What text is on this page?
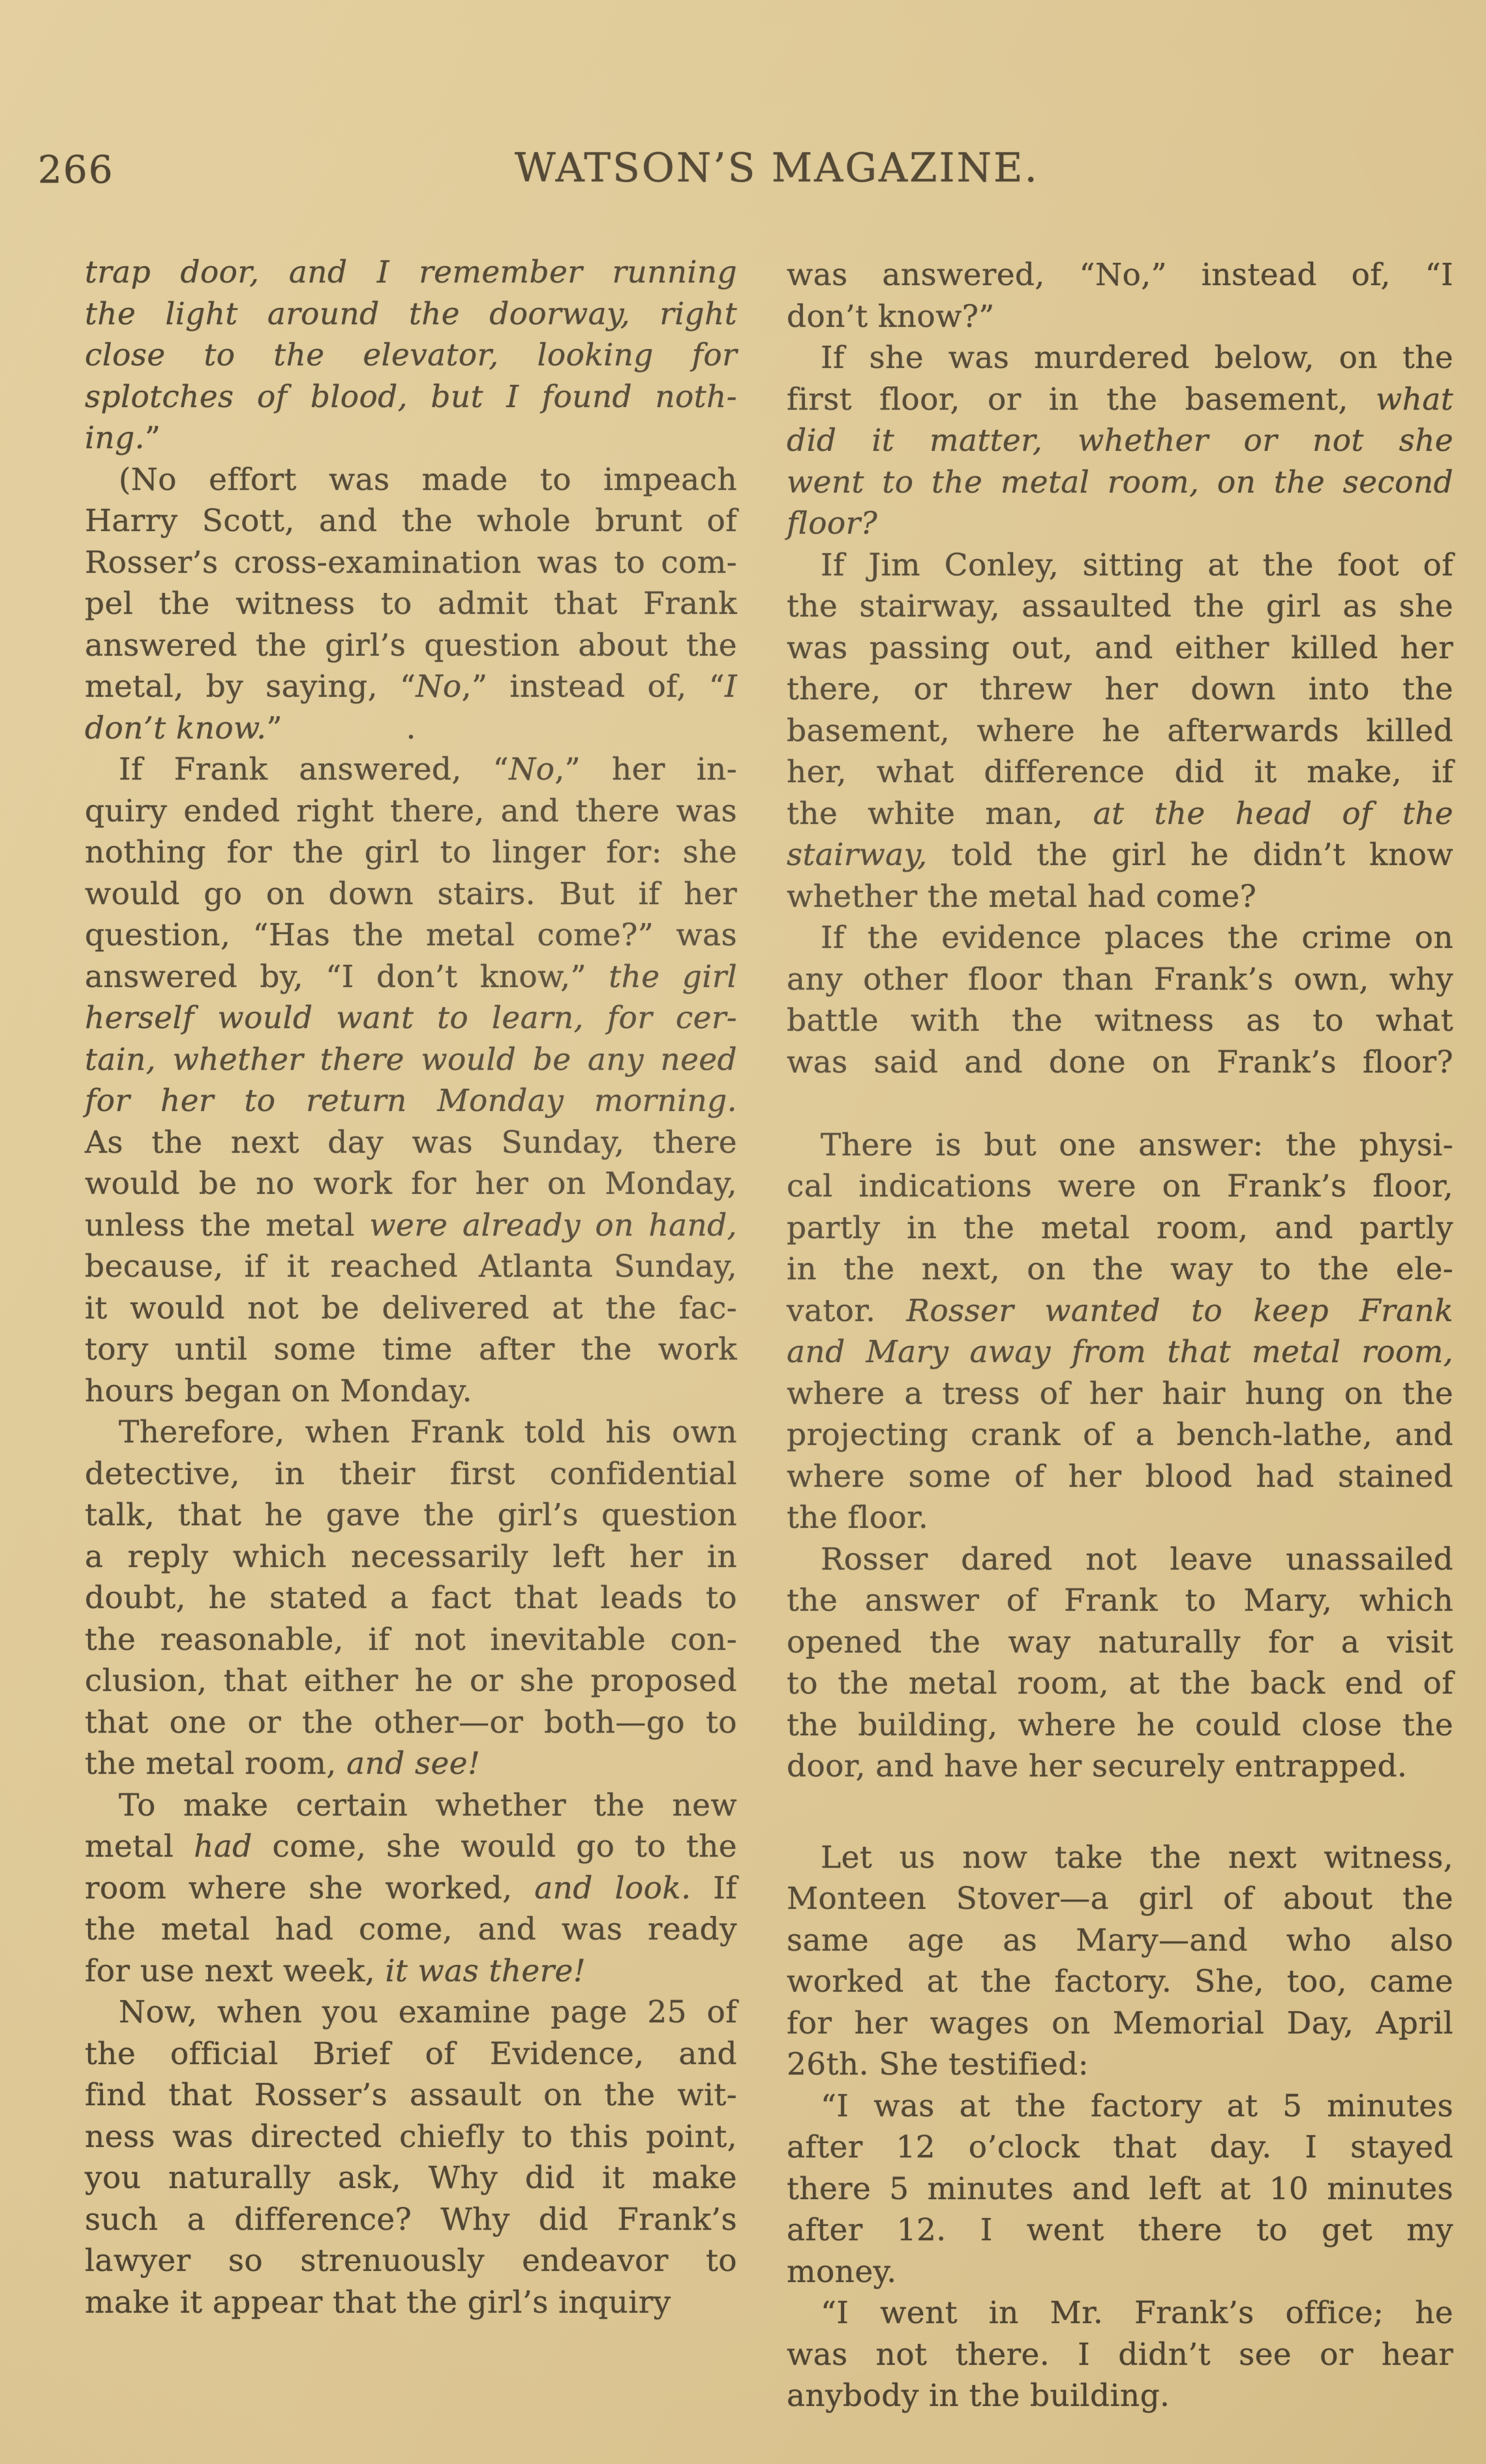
266	WATSON’S MAGAZINE.
trap door, and I remember running
the light around the doorway, right
close to the elevator, looking for
splotches of blood, but I found noth-
ing.”
(No effort was made to impeach
Harry Scott, and the whole brunt of
Rosser’s cross-examination was to com-
pel the witness to admit that Frank
answered the girl’s question about the
metal, by saying, “No,” instead of, “I
don’t know.”    .
If Frank answered, “No,” her in-
quiry ended right there, and there was
nothing for the girl to linger for: she
would go on down stairs. But if her
question, “Has the metal come?” was
answered by, “I don’t know,” the girl
herself would want to learn, for cer-
tain, whether there would be any need
for her to return Monday morning.
As the next day was Sunday, there
would be no work for her on Monday,
unless the metal were already on hand,
because, if it reached Atlanta Sunday,
it would not be delivered at the fac-
tory until some time after the work
hours began on Monday.
Therefore, when Frank told his own
detective, in their first confidential
talk, that he gave the girl’s question
a reply which necessarily left her in
doubt, he stated a fact that leads to
the reasonable, if not inevitable con-
clusion, that either he or she proposed
that one or the other—or both—go to
the metal room, and see!
To make certain whether the new
metal had come, she would go to the
room where she worked, and look. If
the metal had come, and was ready
for use next week, it was there!
Now, when you examine page 25 of
the official Brief of Evidence, and
find that Rosser’s assault on the wit-
ness was directed chiefly to this point,
you naturally ask, Why did it make
such a difference? Why did Frank’s
lawyer so strenuously endeavor to
make it appear that the girl’s inquiry
was answered, “No,” instead of, “I
don’t know?”
If she was murdered below, on the
first floor, or in the basement, what
did it matter, whether or not she
went to the metal room, on the second
floor?
If Jim Conley, sitting at the foot of
the stairway, assaulted the girl as she
was passing out, and either killed her
there, or threw her down into the
basement, where he afterwards killed
her, what difference did it make, if
the white man, at the head of the
stairway, told the girl he didn’t know
whether the metal had come?
If the evidence places the crime on
any other floor than Frank’s own, why
battle with the witness as to what
was said and done on Frank’s floor?
There is but one answer: the physi-
cal indications were on Frank’s floor,
partly in the metal room, and partly
in the next, on the way to the ele-
vator. Rosser wanted to keep Frank
and Mary away from that metal room,
where a tress of her hair hung on the
projecting crank of a bench-lathe, and
where some of her blood had stained
the floor.
Rosser dared not leave unassailed
the answer of Frank to Mary, which
opened the way naturally for a visit
to the metal room, at the back end of
the building, where he could close the
door, and have her securely entrapped.
Let us now take the next witness,
Monteen Stover—a girl of about the
same age as Mary—and who also
worked at the factory. She, too, came
for her wages on Memorial Day, April
26th. She testified:
“I was at the factory at 5 minutes
after 12 o’clock that day. I stayed
there 5 minutes and left at 10 minutes
after 12. I went there to get my
money.
“I went in Mr. Frank’s office; he
was not there. I didn’t see or hear
anybody in the building.
